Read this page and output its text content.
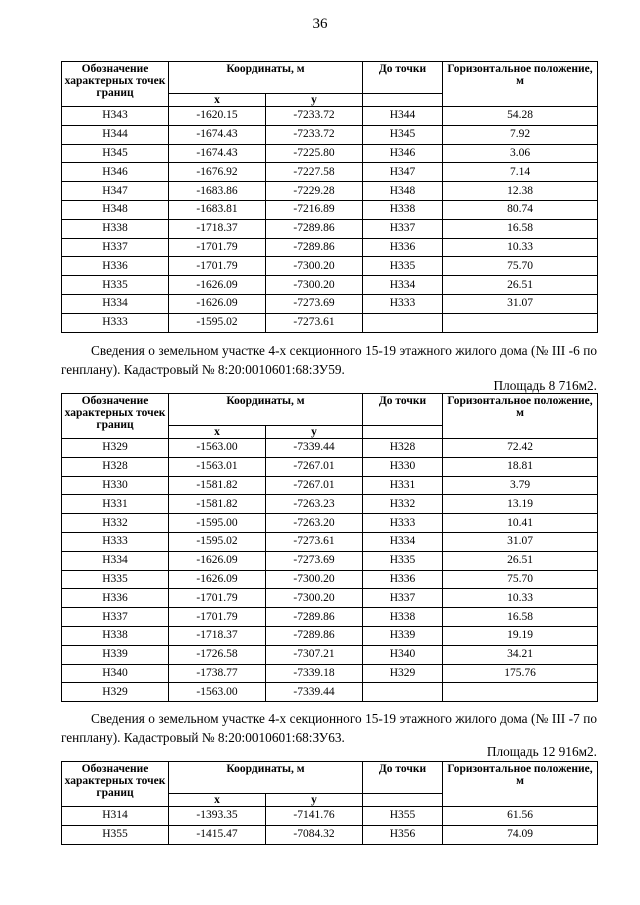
36
Обозначение характерных точек границ	Координаты, м		До точки	Горизонтальное положение, м
	х	у		
Н343	-1620.15	-7233.72	Н344	54.28
Н344	-1674.43	-7233.72	Н345	7.92
Н345	-1674.43	-7225.80	Н346	3.06
Н346	-1676.92	-7227.58	Н347	7.14
Н347	-1683.86	-7229.28	Н348	12.38
Н348	-1683.81	-7216.89	Н338	80.74
Н338	-1718.37	-7289.86	Н337	16.58
Н337	-1701.79	-7289.86	Н336	10.33
Н336	-1701.79	-7300.20	Н335	75.70
Н335	-1626.09	-7300.20	Н334	26.51
Н334	-1626.09	-7273.69	Н333	31.07
Н333	-1595.02	-7273.61		

Сведения о земельном участке 4-х секционного 15-19 этажного жилого дома (№ III -6 по генплану). Кадастровый № 8:20:0010601:68:ЗУ59.

Площадь 8 716м2.
Обозначение характерных точек границ	Координаты, м		До точки	Горизонтальное положение, м
	х	у		
Н329	-1563.00	-7339.44	Н328	72.42
Н328	-1563.01	-7267.01	Н330	18.81
Н330	-1581.82	-7267.01	Н331	3.79
Н331	-1581.82	-7263.23	Н332	13.19
Н332	-1595.00	-7263.20	Н333	10.41
Н333	-1595.02	-7273.61	Н334	31.07
Н334	-1626.09	-7273.69	Н335	26.51
Н335	-1626.09	-7300.20	Н336	75.70
Н336	-1701.79	-7300.20	Н337	10.33
Н337	-1701.79	-7289.86	Н338	16.58
Н338	-1718.37	-7289.86	Н339	19.19
Н339	-1726.58	-7307.21	Н340	34.21
Н340	-1738.77	-7339.18	Н329	175.76
Н329	-1563.00	-7339.44		

Сведения о земельном участке 4-х секционного 15-19 этажного жилого дома (№ III -7 по генплану). Кадастровый № 8:20:0010601:68:ЗУ63.

Площадь 12 916м2.
Обозначение характерных точек границ	Координаты, м		До точки	Горизонтальное положение, м
	х	у		
Н314	-1393.35	-7141.76	Н355	61.56
Н355	-1415.47	-7084.32	Н356	74.09
